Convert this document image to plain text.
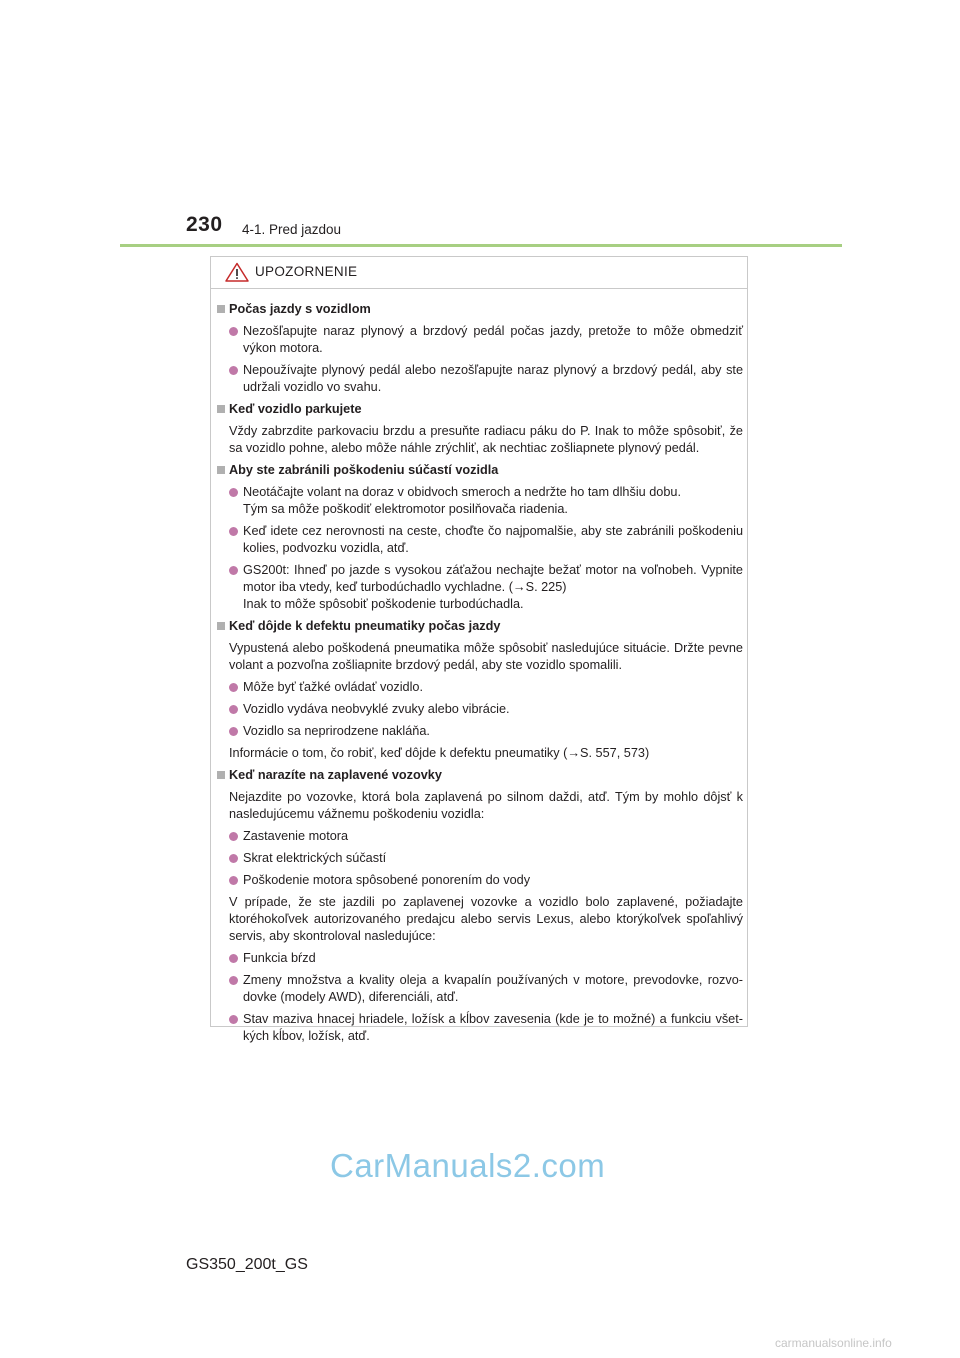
230 4-1. Pred jazdou
UPOZORNENIE
Počas jazdy s vozidlom
Nezošľapujte naraz plynový a brzdový pedál počas jazdy, pretože to môže obmedziť výkon motora.
Nepoužívajte plynový pedál alebo nezošľapujte naraz plynový a brzdový pedál, aby ste udržali vozidlo vo svahu.
Keď vozidlo parkujete
Vždy zabrzdite parkovaciu brzdu a presuňte radiacu páku do P. Inak to môže spôsobiť, že sa vozidlo pohne, alebo môže náhle zrýchliť, ak nechtiac zošliapnete plynový pedál.
Aby ste zabránili poškodeniu súčastí vozidla
Neotáčajte volant na doraz v obidvoch smeroch a nedržte ho tam dlhšiu dobu.
Tým sa môže poškodiť elektromotor posilňovača riadenia.
Keď idete cez nerovnosti na ceste, choďte čo najpomalšie, aby ste zabránili poškodeniu kolies, podvozku vozidla, atď.
GS200t: Ihneď po jazde s vysokou záťažou nechajte bežať motor na voľnobeh. Vypnite motor iba vtedy, keď turbodúchadlo vychladne. (→S. 225)
Inak to môže spôsobiť poškodenie turbodúchadla.
Keď dôjde k defektu pneumatiky počas jazdy
Vypustená alebo poškodená pneumatika môže spôsobiť nasledujúce situácie. Držte pevne volant a pozvoľna zošliapnite brzdový pedál, aby ste vozidlo spomalili.
Môže byť ťažké ovládať vozidlo.
Vozidlo vydáva neobvyklé zvuky alebo vibrácie.
Vozidlo sa neprirodzene nakláňa.
Informácie o tom, čo robiť, keď dôjde k defektu pneumatiky (→S. 557, 573)
Keď narazíte na zaplavené vozovky
Nejazdite po vozovke, ktorá bola zaplavená po silnom daždi, atď. Tým by mohlo dôjsť k nasledujúcemu vážnemu poškodeniu vozidla:
Zastavenie motora
Skrat elektrických súčastí
Poškodenie motora spôsobené ponorením do vody
V prípade, že ste jazdili po zaplavenej vozovke a vozidlo bolo zaplavené, požiadajte ktoréhokoľvek autorizovaného predajcu alebo servis Lexus, alebo ktorýkoľvek spoľahlivý servis, aby skontroloval nasledujúce:
Funkcia bŕzd
Zmeny množstva a kvality oleja a kvapalín používaných v motore, prevodovke, rozvodovke (modely AWD), diferenciáli, atď.
Stav maziva hnacej hriadele, ložísk a kĺbov zavesenia (kde je to možné) a funkciu všetkých kĺbov, ložísk, atď.
CarManuals2.com
GS350_200t_GS
carmanualsonline.info
